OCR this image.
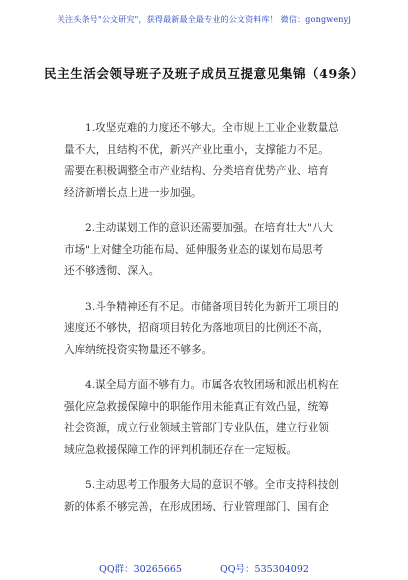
关注头条号"公文研究"，获得最新最全最专业的公文资料库！ 微信：gongwenyj
民主生活会领导班子及班子成员互提意见集锦（49条）

1.攻坚克难的力度还不够大。全市规上工业企业数量总
量不大，且结构不优，新兴产业比重小，支撑能力不足。
需要在积极调整全市产业结构、分类培育优势产业、培育
经济新增长点上进一步加强。

2.主动谋划工作的意识还需要加强。在培育壮大"八大
市场"上对健全功能布局、延伸服务业态的谋划布局思考
还不够透彻、深入。

3.斗争精神还有不足。市储备项目转化为新开工项目的
速度还不够快，招商项目转化为落地项目的比例还不高，
入库纳统投资实物量还不够多。

4.谋全局方面不够有力。市属各农牧团场和派出机构在
强化应急救援保障中的职能作用未能真正有效凸显，统筹
社会资源，成立行业领域主管部门专业队伍，建立行业领
域应急救援保障工作的评判机制还存在一定短板。

5.主动思考工作服务大局的意识不够。全市支持科技创
新的体系不够完善，在形成团场、行业管理部门、国有企

QQ群：30265665	QQ号：535304092
